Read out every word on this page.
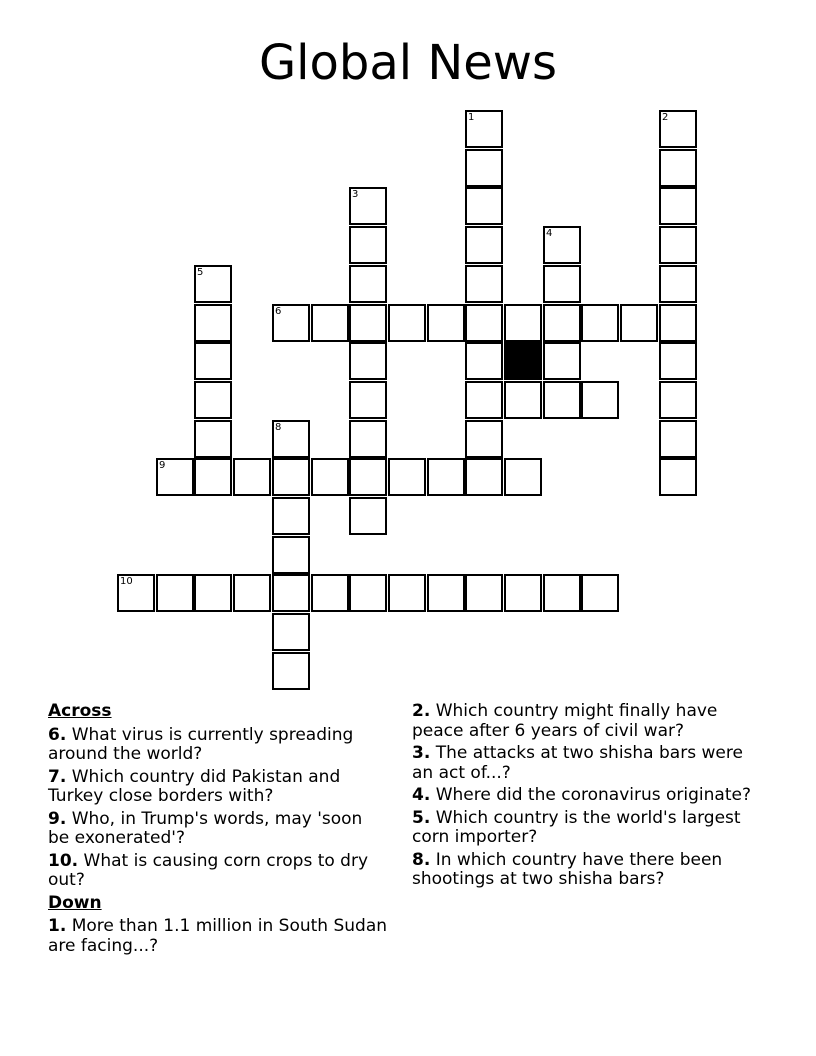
Global News
1	2
3
4
5
6
8
9
10
Across
6. What virus is currently spreading around the world?
7. Which country did Pakistan and Turkey close borders with?
9. Who, in Trump's words, may 'soon be exonerated'?
10. What is causing corn crops to dry out?
Down
1. More than 1.1 million in South Sudan are facing...?
2. Which country might finally have peace after 6 years of civil war?
3. The attacks at two shisha bars were an act of...?
4. Where did the coronavirus originate?
5. Which country is the world's largest corn importer?
8. In which country have there been shootings at two shisha bars?
